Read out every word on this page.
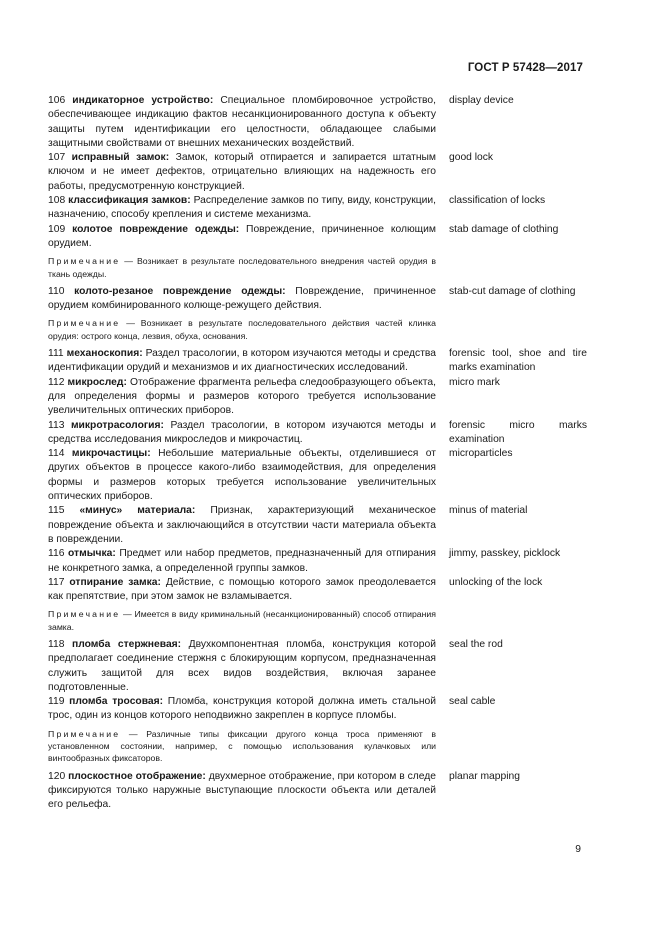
ГОСТ Р 57428—2017
106 индикаторное устройство: Специальное пломбировочное устройство, обеспечивающее индикацию фактов несанкционированного доступа к объекту защиты путем идентификации его целостности, обладающее слабыми защитными свойствами от внешних механических воздействий.
display device
107 исправный замок: Замок, который отпирается и запирается штатным ключом и не имеет дефектов, отрицательно влияющих на надежность его работы, предусмотренную конструкцией.
good lock
108 классификация замков: Распределение замков по типу, виду, конструкции, назначению, способу крепления и системе механизма.
classification of locks
109 колотое повреждение одежды: Повреждение, причиненное колющим орудием.
stab damage of clothing
Примечание — Возникает в результате последовательного внедрения частей орудия в ткань одежды.
110 колото-резаное повреждение одежды: Повреждение, причиненное орудием комбинированного колюще-режущего действия.
stab-cut damage of clothing
Примечание — Возникает в результате последовательного действия частей клинка орудия: острого конца, лезвия, обуха, основания.
111 механоскопия: Раздел трасологии, в котором изучаются методы и средства идентификации орудий и механизмов и их диагностических исследований.
forensic tool, shoe and tire marks examination
112 микрослед: Отображение фрагмента рельефа следообразующего объекта, для определения формы и размеров которого требуется использование увеличительных оптических приборов.
micro mark
113 микротрасология: Раздел трасологии, в котором изучаются методы и средства исследования микроследов и микрочастиц.
forensic micro marks examination
114 микрочастицы: Небольшие материальные объекты, отделившиеся от других объектов в процессе какого-либо взаимодействия, для определения формы и размеров которых требуется использование увеличительных оптических приборов.
microparticles
115 «минус» материала: Признак, характеризующий механическое повреждение объекта и заключающийся в отсутствии части материала объекта в повреждении.
minus of material
116 отмычка: Предмет или набор предметов, предназначенный для отпирания не конкретного замка, а определенной группы замков.
jimmy, passkey, picklock
117 отпирание замка: Действие, с помощью которого замок преодолевается как препятствие, при этом замок не взламывается.
unlocking of the lock
Примечание — Имеется в виду криминальный (несанкционированный) способ отпирания замка.
118 пломба стержневая: Двухкомпонентная пломба, конструкция которой предполагает соединение стержня с блокирующим корпусом, предназначенная служить защитой для всех видов воздействия, включая заранее подготовленные.
seal the rod
119 пломба тросовая: Пломба, конструкция которой должна иметь стальной трос, один из концов которого неподвижно закреплен в корпусе пломбы.
seal cable
Примечание — Различные типы фиксации другого конца троса применяют в установленном состоянии, например, с помощью использования кулачковых или винтообразных фиксаторов.
120 плоскостное отображение: двухмерное отображение, при котором в следе фиксируются только наружные выступающие плоскости объекта или деталей его рельефа.
planar mapping
9
